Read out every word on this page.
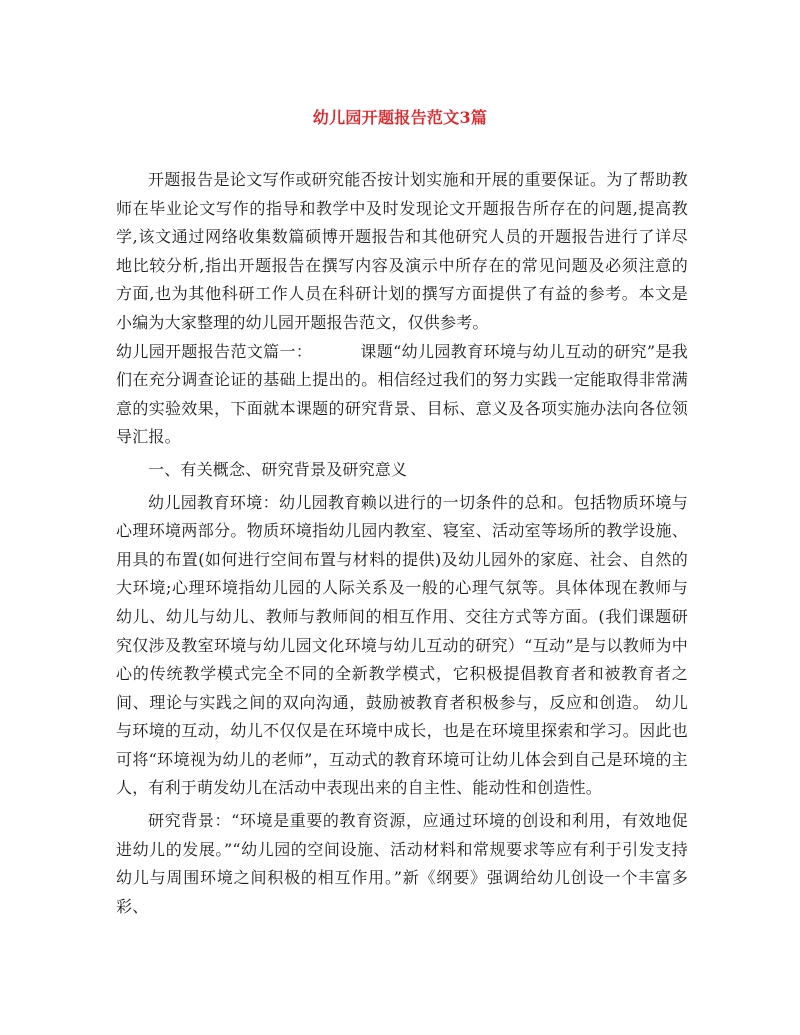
幼儿园开题报告范文3篇

开题报告是论文写作或研究能否按计划实施和开展的重要保证。为了帮助教师在毕业论文写作的指导和教学中及时发现论文开题报告所存在的问题,提高教学,该文通过网络收集数篇硕博开题报告和其他研究人员的开题报告进行了详尽地比较分析,指出开题报告在撰写内容及演示中所存在的常见问题及必须注意的方面,也为其他科研工作人员在科研计划的撰写方面提供了有益的参考。本文是小编为大家整理的幼儿园开题报告范文，仅供参考。

幼儿园开题报告范文篇一：	课题“幼儿园教育环境与幼儿互动的研究”是我们在充分调查论证的基础上提出的。相信经过我们的努力实践一定能取得非常满意的实验效果，下面就本课题的研究背景、目标、意义及各项实施办法向各位领导汇报。

一、有关概念、研究背景及研究意义

幼儿园教育环境：幼儿园教育赖以进行的一切条件的总和。包括物质环境与心理环境两部分。物质环境指幼儿园内教室、寝室、活动室等场所的教学设施、用具的布置(如何进行空间布置与材料的提供)及幼儿园外的家庭、社会、自然的大环境;心理环境指幼儿园的人际关系及一般的心理气氛等。具体体现在教师与幼儿、幼儿与幼儿、教师与教师间的相互作用、交往方式等方面。(我们课题研究仅涉及教室环境与幼儿园文化环境与幼儿互动的研究）“互动”是与以教师为中心的传统教学模式完全不同的全新教学模式，它积极提倡教育者和被教育者之间、理论与实践之间的双向沟通，鼓励被教育者积极参与，反应和创造。 幼儿与环境的互动，幼儿不仅仅是在环境中成长，也是在环境里探索和学习。因此也可将“环境视为幼儿的老师”，互动式的教育环境可让幼儿体会到自己是环境的主人，有利于萌发幼儿在活动中表现出来的自主性、能动性和创造性。

研究背景：“环境是重要的教育资源，应通过环境的创设和利用，有效地促进幼儿的发展。”“幼儿园的空间设施、活动材料和常规要求等应有利于引发支持幼儿与周围环境之间积极的相互作用。”新《纲要》强调给幼儿创设一个丰富多彩、
